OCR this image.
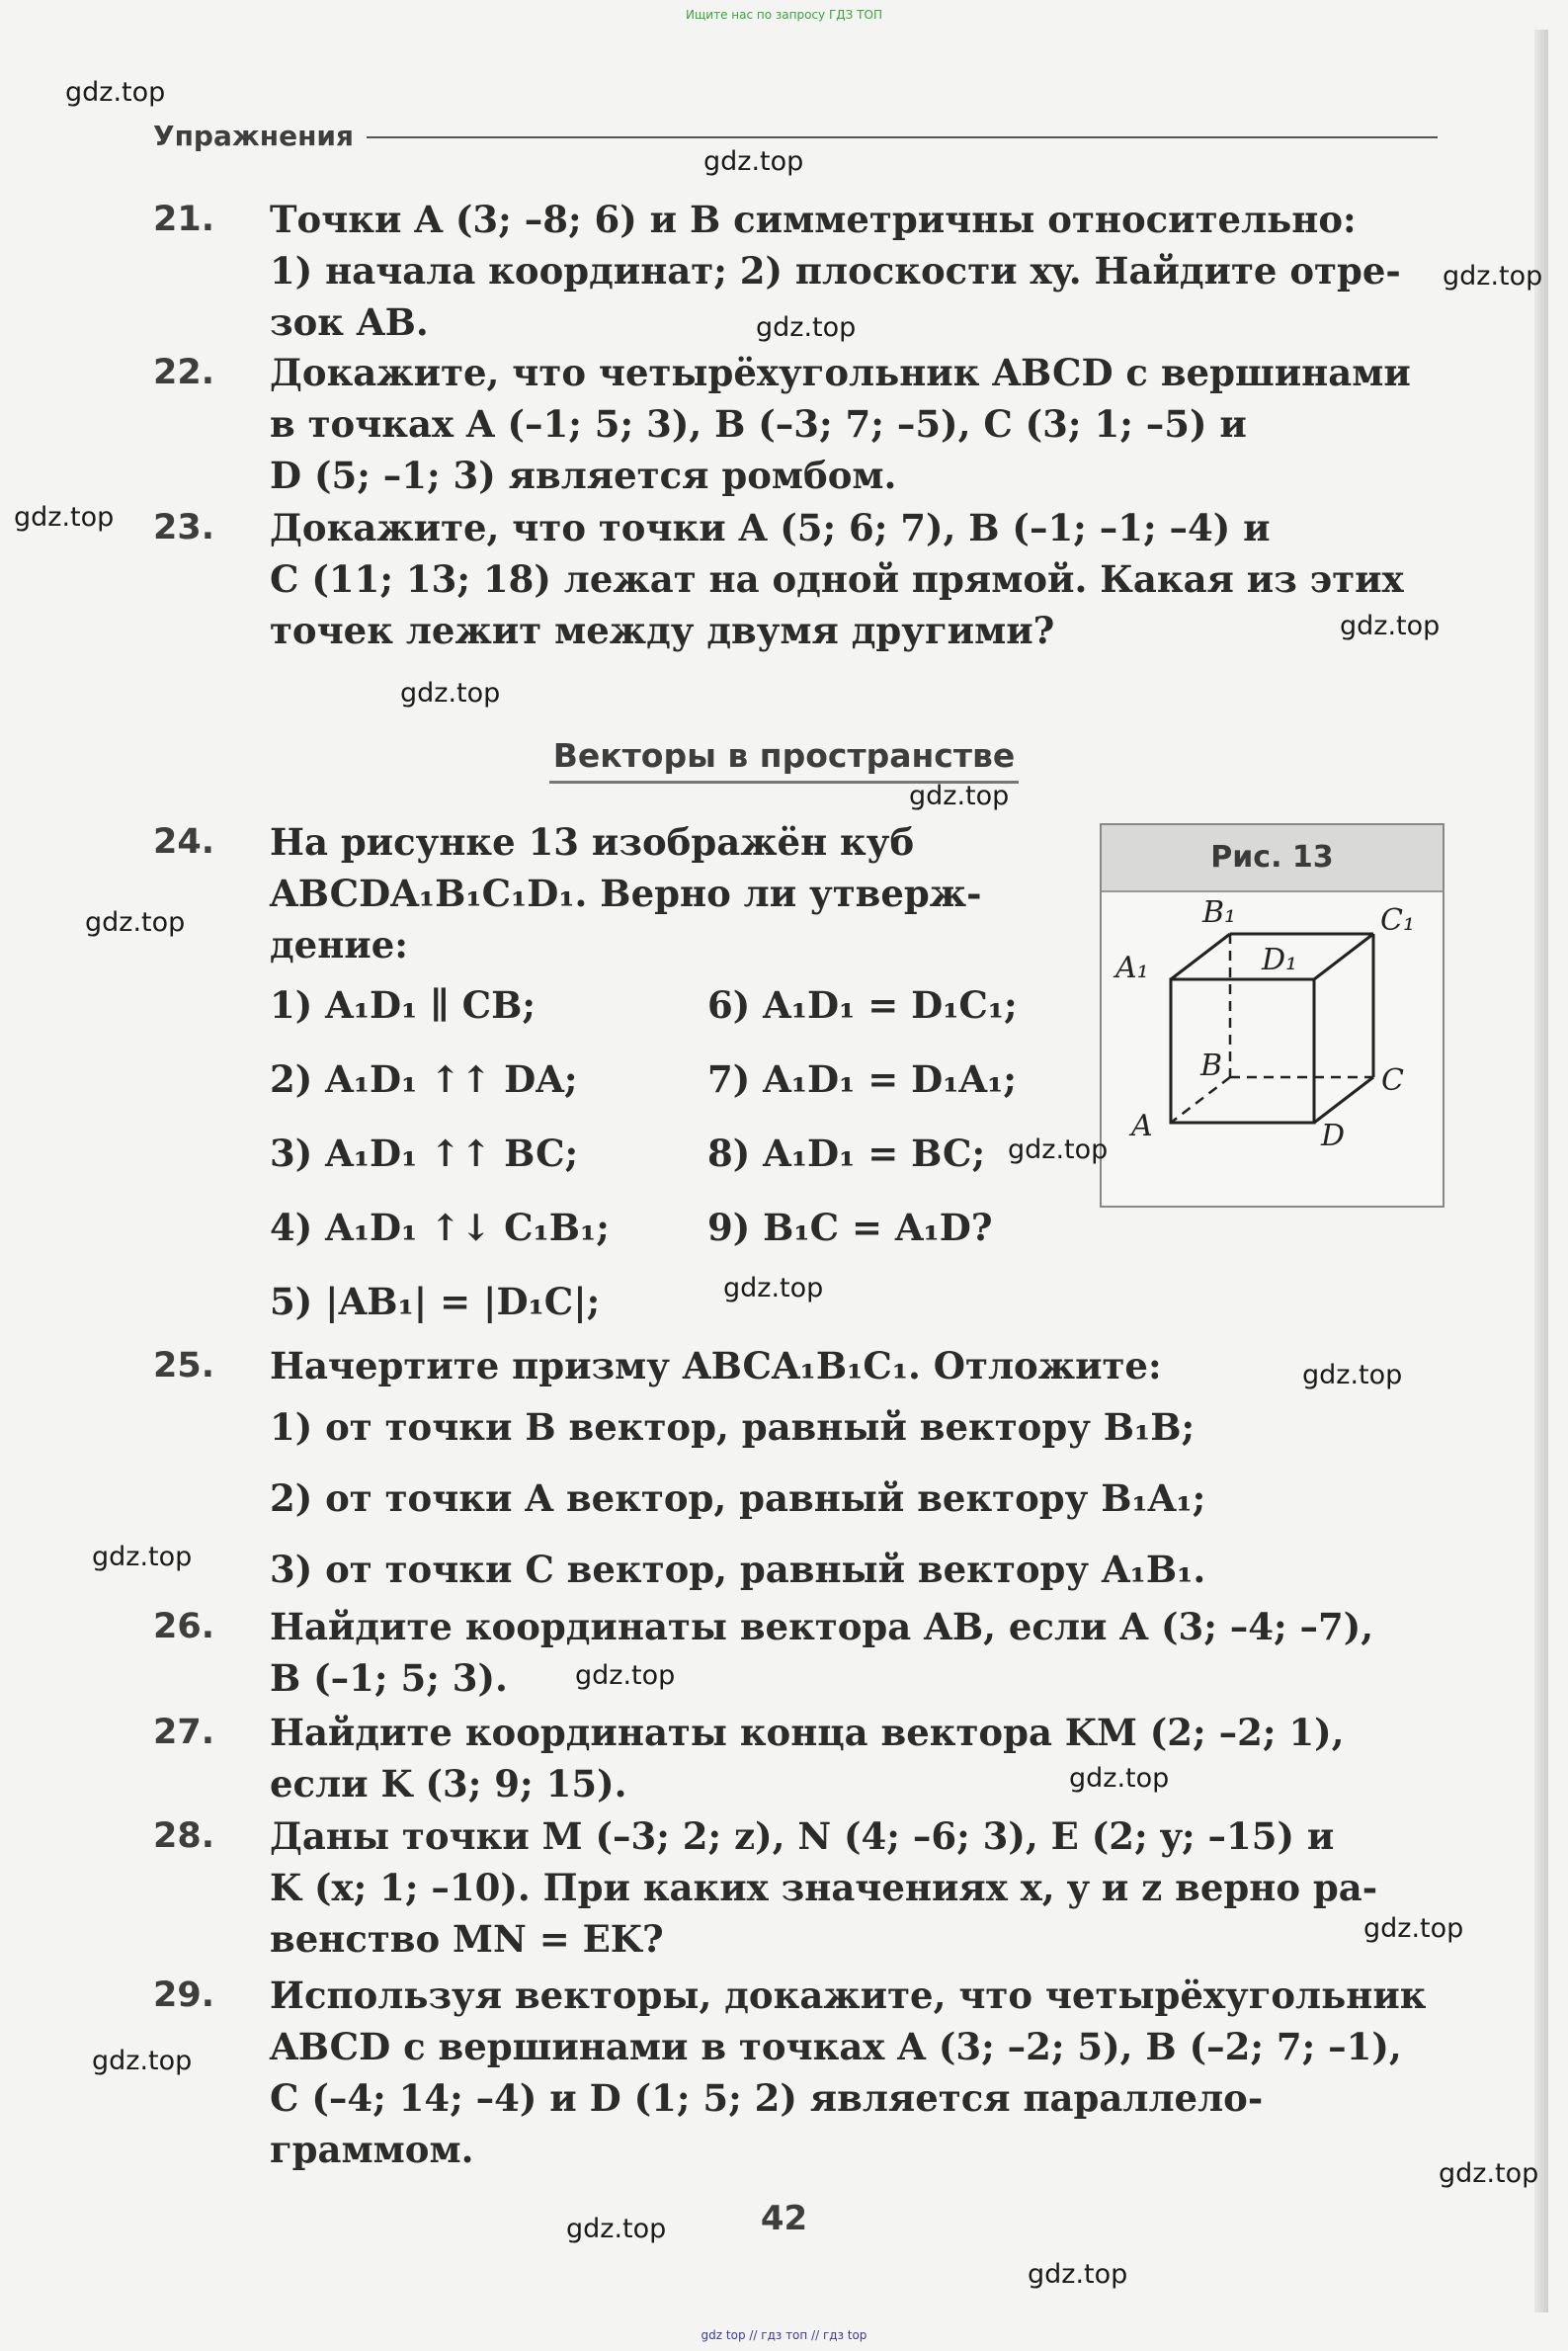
Ищите нас по запросу ГДЗ ТОП
Упражнения
21. Точки A (3; –8; 6) и B симметричны относительно:
1) начала координат; 2) плоскости xy. Найдите отре-
зок AB.
22. Докажите, что четырёхугольник ABCD с вершинами
в точках A (–1; 5; 3), B (–3; 7; –5), C (3; 1; –5) и
D (5; –1; 3) является ромбом.
23. Докажите, что точки A (5; 6; 7), B (–1; –1; –4) и
C (11; 13; 18) лежат на одной прямой. Какая из этих
точек лежит между двумя другими?
Векторы в пространстве
24. На рисунке 13 изображён куб
ABCDA₁B₁C₁D₁. Верно ли утверж-
дение:
1) A₁D₁ ∥ CB;
2) A₁D₁ ↑↑ DA;
3) A₁D₁ ↑↑ BC;
4) A₁D₁ ↑↓ C₁B₁;
5) |AB₁| = |D₁C|;
6) A₁D₁ = D₁C₁;
7) A₁D₁ = D₁A₁;
8) A₁D₁ = BC;
9) B₁C = A₁D?
Рис. 13
A
B	C
D
A₁
B₁	C₁
D₁
25. Начертите призму ABCA₁B₁C₁. Отложите:
1) от точки B вектор, равный вектору B₁B;
2) от точки A вектор, равный вектору B₁A₁;
3) от точки C вектор, равный вектору A₁B₁.
26. Найдите координаты вектора AB, если A (3; –4; –7),
B (–1; 5; 3).
27. Найдите координаты конца вектора KM (2; –2; 1),
если K (3; 9; 15).
28. Даны точки M (–3; 2; z), N (4; –6; 3), E (2; y; –15) и
K (x; 1; –10). При каких значениях x, y и z верно ра-
венство MN = EK?
29. Используя векторы, докажите, что четырёхугольник
ABCD с вершинами в точках A (3; –2; 5), B (–2; 7; –1),
C (–4; 14; –4) и D (1; 5; 2) является параллело-
граммом.
42
gdz.top
gdz.top
gdz.top
gdz.top
gdz.top
gdz.top
gdz.top
gdz.top
gdz.top
gdz.top
gdz.top
gdz.top
gdz.top
gdz.top
gdz.top
gdz.top
gdz.top
gdz.top
gdz.top
gdz.top
gdz top // гдз топ // гдз top
